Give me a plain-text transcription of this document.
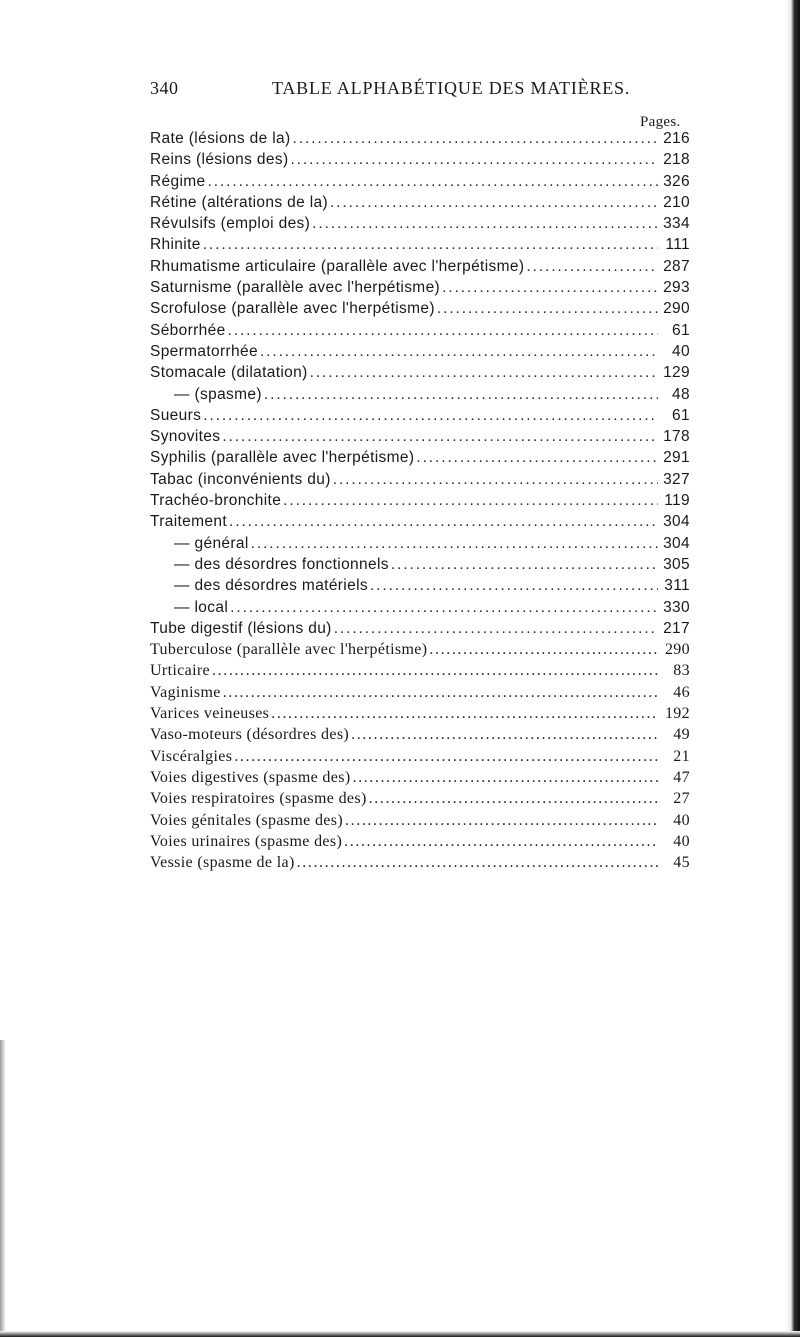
340	TABLE ALPHABÉTIQUE DES MATIÈRES.
Pages.
Rate (lésions de la) . . .	216
Reins (lésions des) . . .	218
Régime . . .	326
Rétine (altérations de la) . . .	210
Révulsifs (emploi des) . . .	334
Rhinite . . .	111
Rhumatisme articulaire (parallèle avec l'herpétisme) . . .	287
Saturnisme (parallèle avec l'herpétisme) . . .	293
Scrofulose (parallèle avec l'herpétisme) . . .	290
Séborrhée . . .	61
Spermatorrhée . . .	40
Stomacale (dilatation) . . .	129
— (spasme) . . .	48
Sueurs . . .	61
Synovites . . .	178
Syphilis (parallèle avec l'herpétisme) . . .	291
Tabac (inconvénients du) . . .	327
Trachéo-bronchite . . .	119
Traitement . . .	304
— général . . .	304
— des désordres fonctionnels . . .	305
— des désordres matériels . . .	311
— local . . .	330
Tube digestif (lésions du) . . .	217
Tuberculose (parallèle avec l'herpétisme) . . .	290
Urticaire . . .	83
Vaginisme . . .	46
Varices veineuses . . .	192
Vaso-moteurs (désordres des) . . .	49
Viscéralgies . . .	21
Voies digestives (spasme des) . . .	47
Voies respiratoires (spasme des) . . .	27
Voies génitales (spasme des) . . .	40
Voies urinaires (spasme des) . . .	40
Vessie (spasme de la) . . .	45
